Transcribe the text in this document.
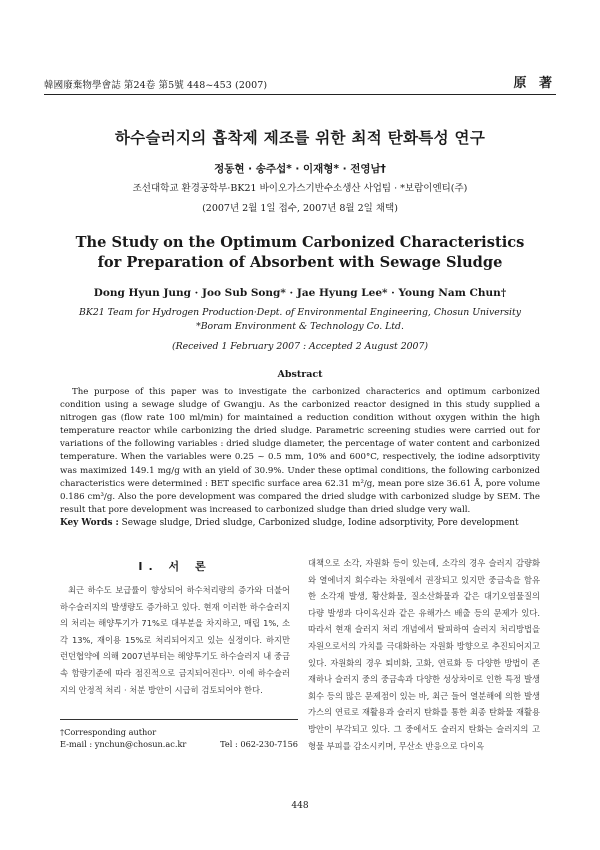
韓國廢棄物學會誌 第24卷 第5號 448~453 (2007)	原 著
하수슬러지의 흡착제 제조를 위한 최적 탄화특성 연구
정동현 · 송주섭* · 이재형* · 전영남†
조선대학교 환경공학부·BK21 바이오가스기반수소생산 사업팀 · *보람이엔티(주)
(2007년 2월 1일 접수, 2007년 8월 2일 채택)
The Study on the Optimum Carbonized Characteristics
for Preparation of Absorbent with Sewage Sludge
Dong Hyun Jung · Joo Sub Song* · Jae Hyung Lee* · Young Nam Chun†
BK21 Team for Hydrogen Production·Dept. of Environmental Engineering, Chosun University
*Boram Environment & Technology Co. Ltd.
(Received 1 February 2007 : Accepted 2 August 2007)
Abstract
The purpose of this paper was to investigate the carbonized characterics and optimum carbonized condition using a sewage sludge of Gwangju. As the carbonized reactor designed in this study supplied a nitrogen gas (flow rate 100 ml/min) for maintained a reduction condition without oxygen within the high temperature reactor while carbonizing the dried sludge. Parametric screening studies were carried out for variations of the following variables : dried sludge diameter, the percentage of water content and carbonized temperature. When the variables were 0.25 ~ 0.5 mm, 10% and 600°C, respectively, the iodine adsorptivity was maximized 149.1 mg/g with an yield of 30.9%. Under these optimal conditions, the following carbonized characteristics were determined : BET specific surface area 62.31 m²/g, mean pore size 36.61 Å, pore volume 0.186 cm³/g. Also the pore development was compared the dried sludge with carbonized sludge by SEM. The result that pore development was increased to carbonized sludge than dried sludge very wall.
Key Words : Sewage sludge, Dried sludge, Carbonized sludge, Iodine adsorptivity, Pore development
I. 서 론

최근 하수도 보급률이 향상되어 하수처리량의 증가와 더불어 하수슬러지의 발생량도 증가하고 있다. 현재 이러한 하수슬러지의 처리는 해양투기가 71%로 대부분을 차지하고, 매립 1%, 소각 13%, 재이용 15%로 처리되어지고 있는 실정이다. 하지만 런던협약에 의해 2007년부터는 해양투기도 하수슬러지 내 중금속 함량기준에 따라 점진적으로 금지되어진다¹⁾. 이에 하수슬러지의 안정적 처리 · 처분 방안이 시급히 검토되어야 한다.

대책으로 소각, 자원화 등이 있는데, 소각의 경우 슬러지 감량화와 열에너지 회수라는 차원에서 권장되고 있지만 중금속을 함유한 소각재 발생, 황산화물, 질소산화물과 같은 대기오염물질의 다량 발생과 다이옥신과 같은 유해가스 배출 등의 문제가 있다. 따라서 현재 슬러지 처리 개념에서 탈피하여 슬러지 처리방법을 자원으로서의 가치를 극대화하는 자원화 방향으로 추진되어지고 있다. 자원화의 경우 퇴비화, 고화, 연료화 등 다양한 방법이 존재하나 슬러지 중의 중금속과 다양한 성상차이로 인한 특정 발생회수 등의 많은 문제점이 있는 바, 최근 들어 열분해에 의한 발생가스의 연료로 재활용과 슬러지 탄화를 통한 최종 탄화물 재활용 방안이 부각되고 있다. 그 중에서도 슬러지 탄화는 슬러지의 고형물 부피를 감소시키며, 무산소 반응으로 다이옥

†Corresponding author
E-mail : ynchun@chosun.ac.kr	Tel : 062-230-7156
448
